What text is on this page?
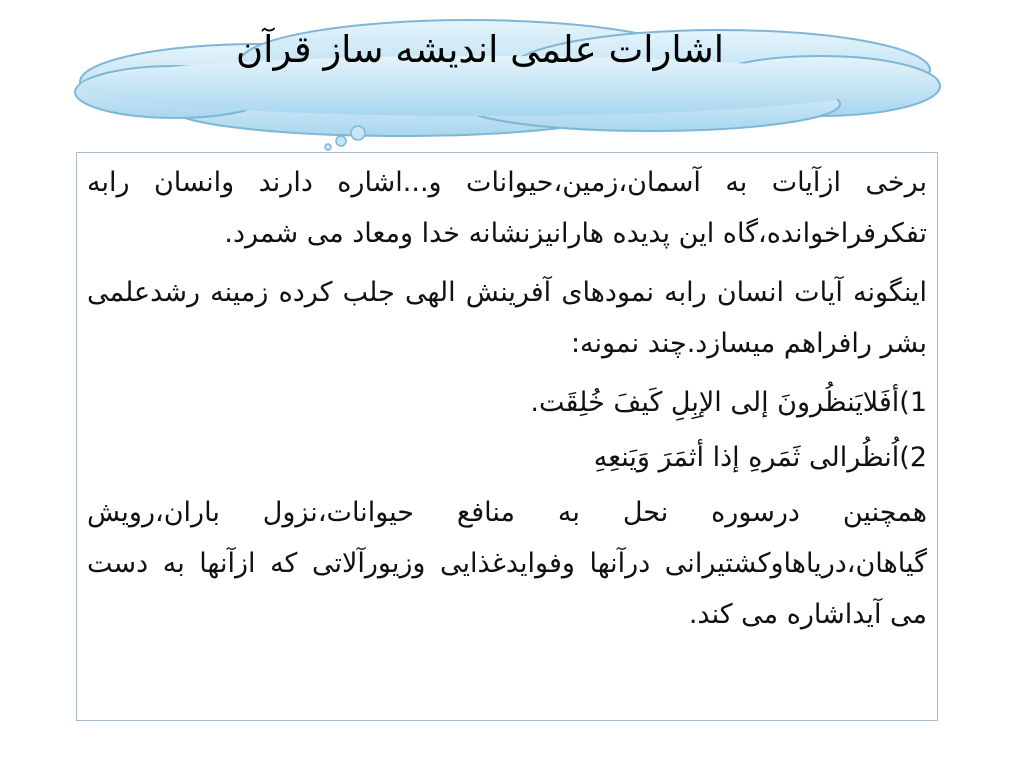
اشارات علمی اندیشه ساز قرآن

برخی ازآیات به آسمان،زمین،حیوانات و...اشاره دارند وانسان رابه تفکرفراخوانده،گاه این پدیده هارانیزنشانه خدا ومعاد می شمرد.

اینگونه آیات انسان رابه نمودهای آفرینش الهی جلب کرده زمینه رشدعلمی بشر رافراهم میسازد.چند نمونه:

1)أفَلایَنظُرونَ إلی الإبِلِ کَیفَ خُلِقَت.

2)اُنظُرالی ثَمَرهِ إذا أثمَرَ وَیَنعِهِ

همچنین درسوره نحل به منافع حیوانات،نزول باران،رویش گیاهان،دریاهاوکشتیرانی درآنها وفوایدغذایی وزیورآلاتی که ازآنها به دست می آیداشاره می کند.
